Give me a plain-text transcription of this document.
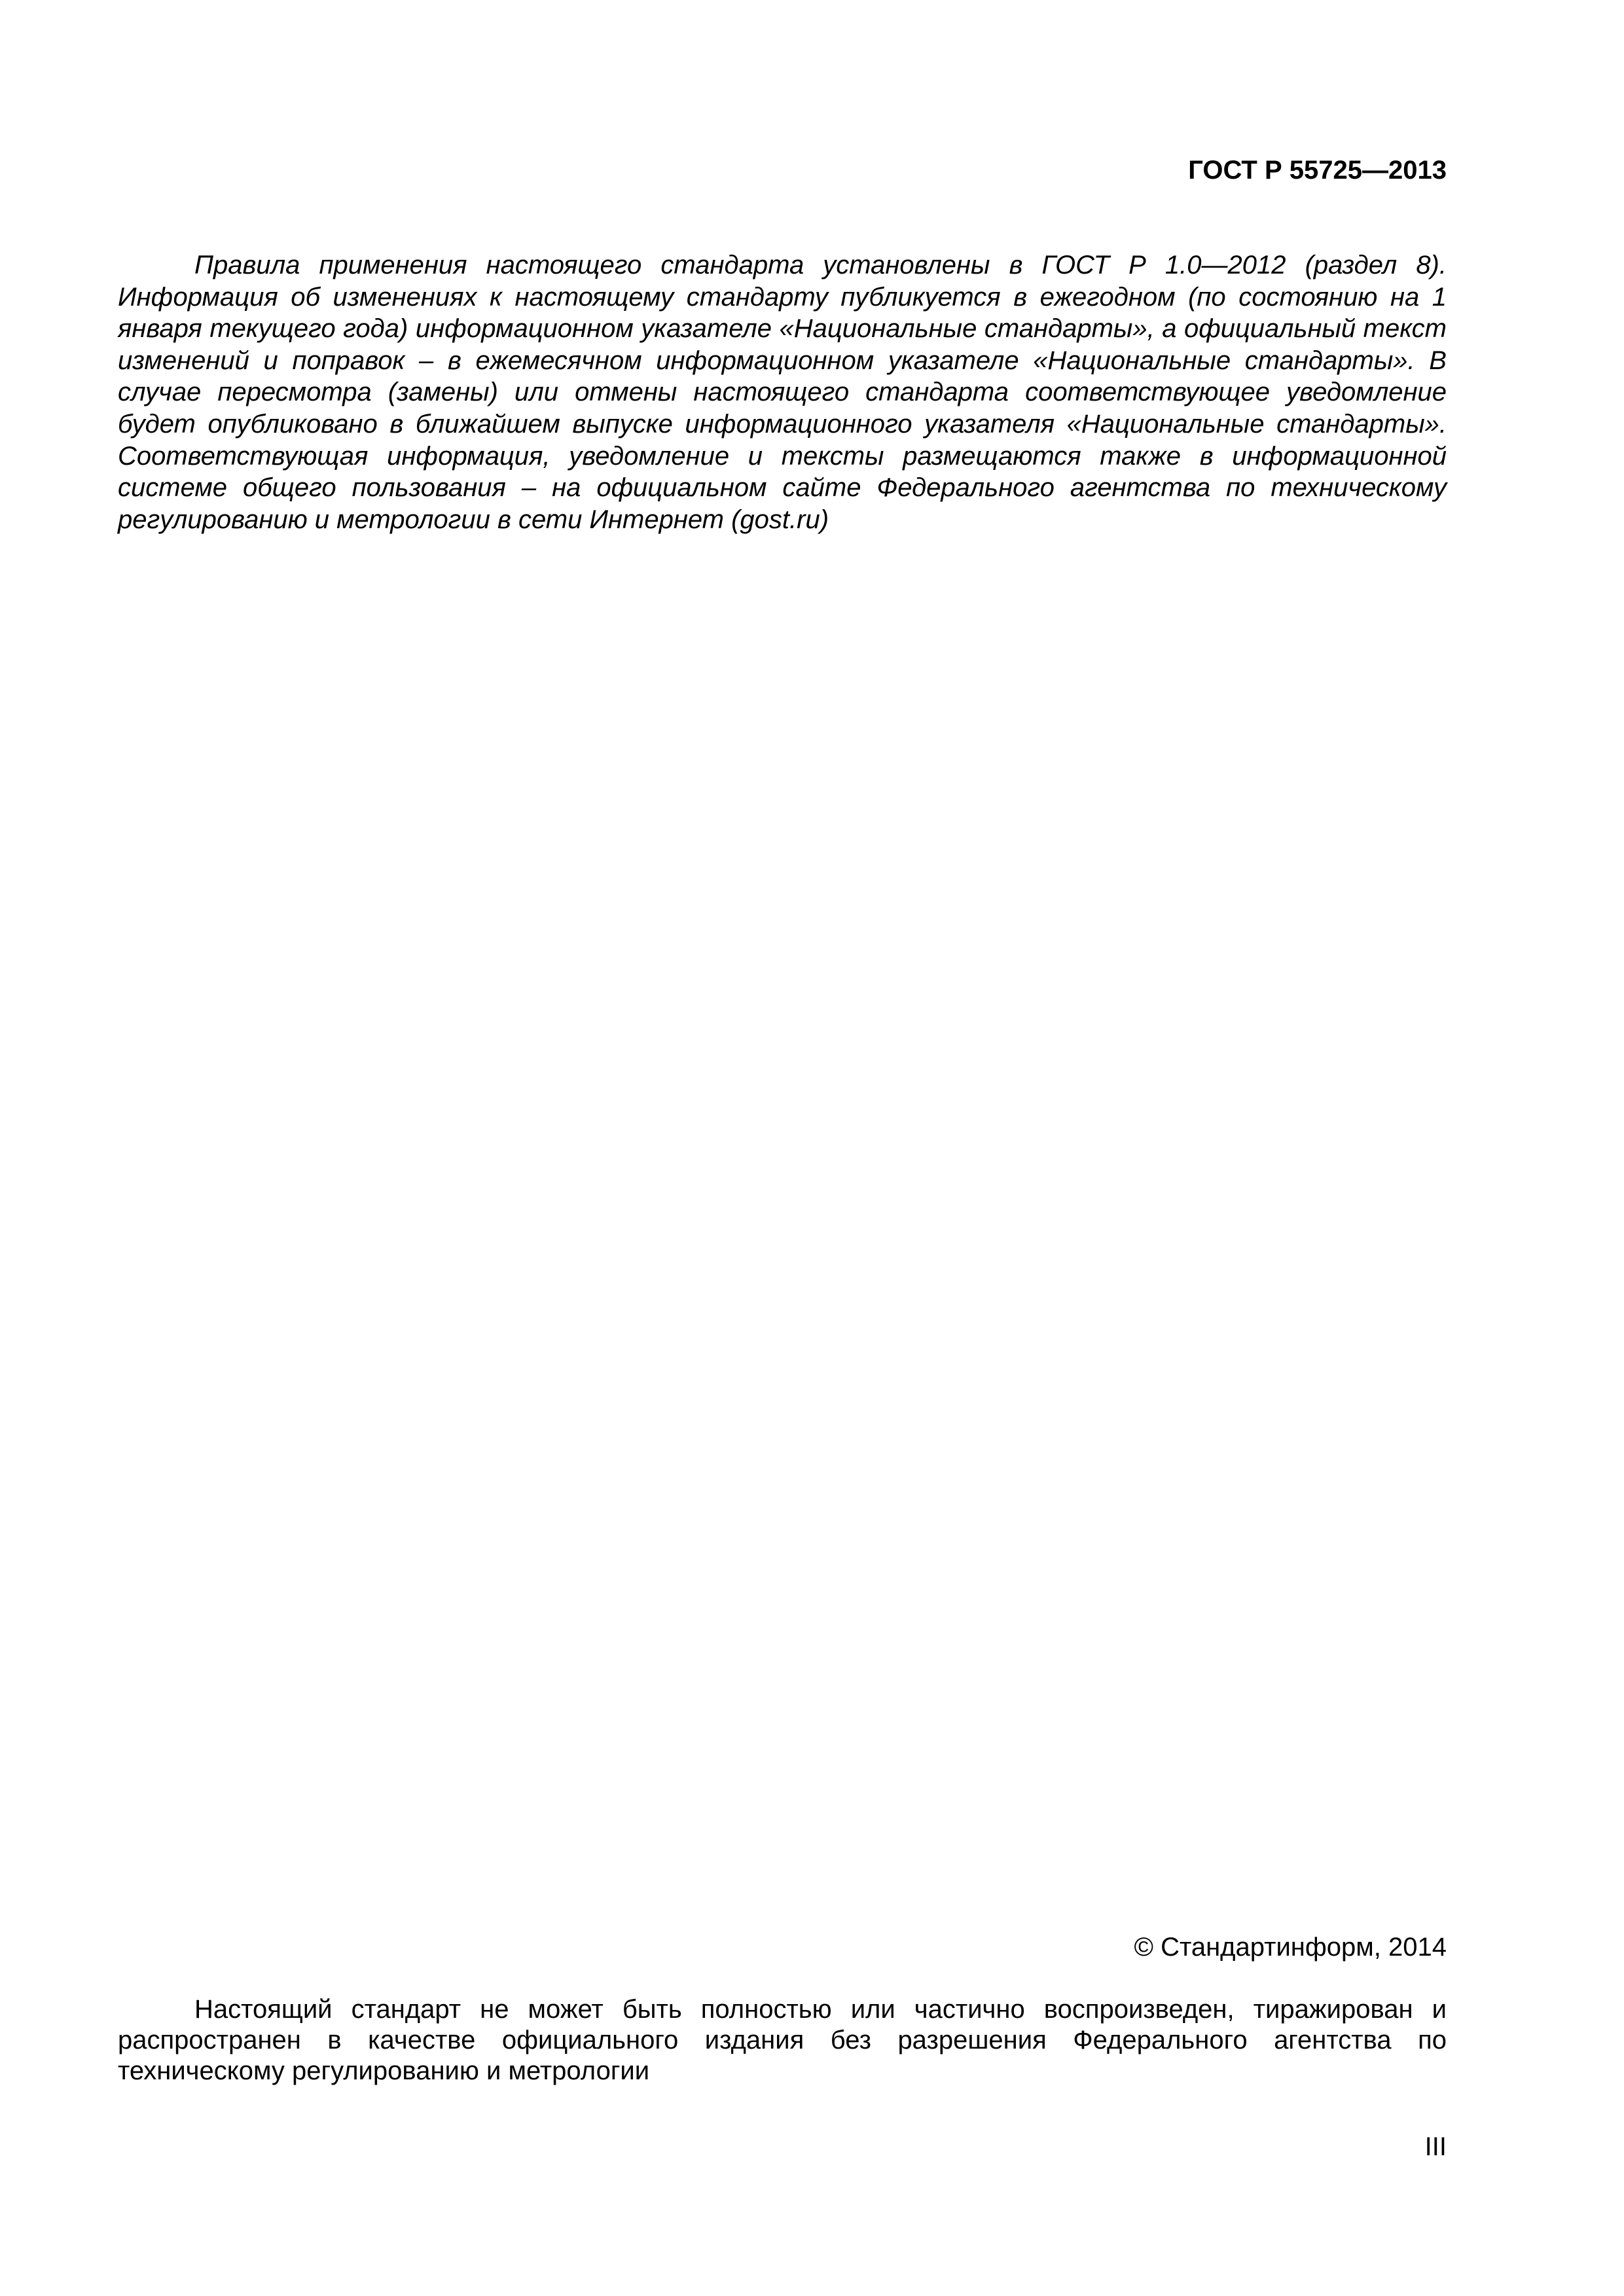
ГОСТ Р 55725—2013

Правила применения настоящего стандарта установлены в ГОСТ Р 1.0—2012 (раздел 8). Информация об изменениях к настоящему стандарту публикуется в ежегодном (по состоянию на 1 января текущего года) информационном указателе «Национальные стандарты», а официальный текст изменений и поправок – в ежемесячном информационном указателе «Национальные стандарты». В случае пересмотра (замены) или отмены настоящего стандарта соответствующее уведомление будет опубликовано в ближайшем выпуске информационного указателя «Национальные стандарты». Соответствующая информация, уведомление и тексты размещаются также в информационной системе общего пользования – на официальном сайте Федерального агентства по техническому регулированию и метрологии в сети Интернет (gost.ru)

© Стандартинформ, 2014

Настоящий стандарт не может быть полностью или частично воспроизведен, тиражирован и распространен в качестве официального издания без разрешения Федерального агентства по техническому регулированию и метрологии

III
